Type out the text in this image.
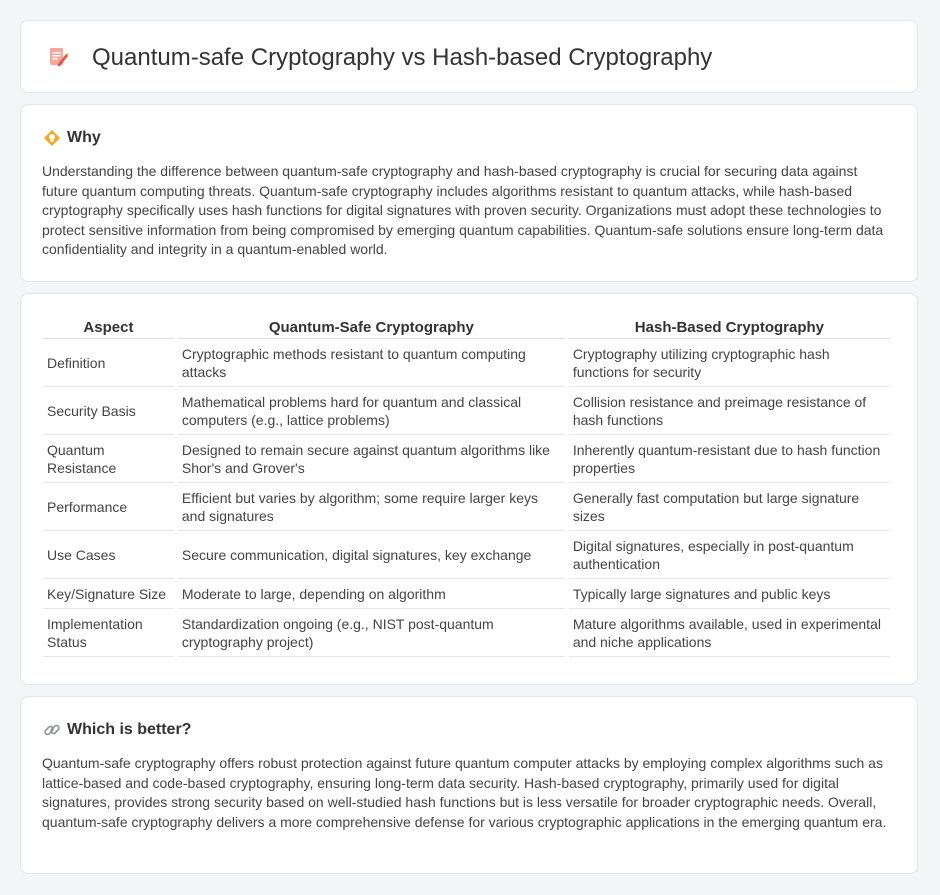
Quantum-safe Cryptography vs Hash-based Cryptography
Why

Understanding the difference between quantum-safe cryptography and hash-based cryptography is crucial for securing data against future quantum computing threats. Quantum-safe cryptography includes algorithms resistant to quantum attacks, while hash-based cryptography specifically uses hash functions for digital signatures with proven security. Organizations must adopt these technologies to protect sensitive information from being compromised by emerging quantum capabilities. Quantum-safe solutions ensure long-term data confidentiality and integrity in a quantum-enabled world.

Aspect	Quantum-Safe Cryptography	Hash-Based Cryptography
Definition	Cryptographic methods resistant to quantum computing attacks	Cryptography utilizing cryptographic hash functions for security
Security Basis	Mathematical problems hard for quantum and classical computers (e.g., lattice problems)	Collision resistance and preimage resistance of hash functions
Quantum Resistance	Designed to remain secure against quantum algorithms like Shor's and Grover's	Inherently quantum-resistant due to hash function properties
Performance	Efficient but varies by algorithm; some require larger keys and signatures	Generally fast computation but large signature sizes
Use Cases	Secure communication, digital signatures, key exchange	Digital signatures, especially in post-quantum authentication
Key/Signature Size	Moderate to large, depending on algorithm	Typically large signatures and public keys
Implementation Status	Standardization ongoing (e.g., NIST post-quantum cryptography project)	Mature algorithms available, used in experimental and niche applications
Which is better?

Quantum-safe cryptography offers robust protection against future quantum computer attacks by employing complex algorithms such as lattice-based and code-based cryptography, ensuring long-term data security. Hash-based cryptography, primarily used for digital signatures, provides strong security based on well-studied hash functions but is less versatile for broader cryptographic needs. Overall, quantum-safe cryptography delivers a more comprehensive defense for various cryptographic applications in the emerging quantum era.
